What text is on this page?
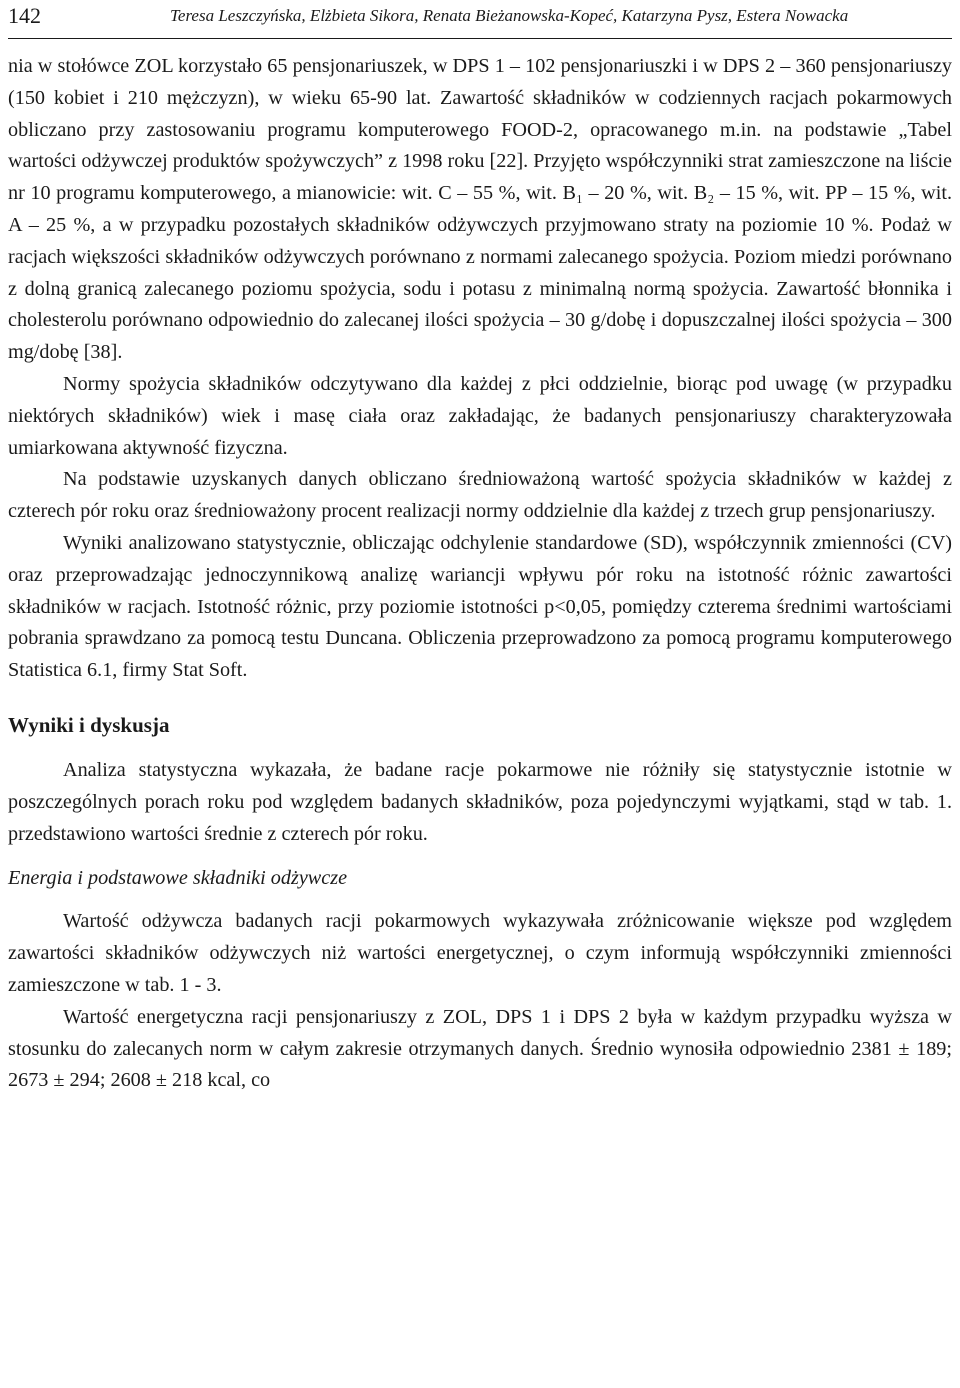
142	Teresa Leszczyńska, Elżbieta Sikora, Renata Bieżanowska-Kopeć, Katarzyna Pysz, Estera Nowacka

nia w stołówce ZOL korzystało 65 pensjonariuszek, w DPS 1 – 102 pensjonariuszki i w DPS 2 – 360 pensjonariuszy (150 kobiet i 210 mężczyzn), w wieku 65-90 lat. Zawartość składników w codziennych racjach pokarmowych obliczano przy zastosowaniu programu komputerowego FOOD-2, opracowanego m.in. na podstawie „Tabel wartości odżywczej produktów spożywczych” z 1998 roku [22]. Przyjęto współczynniki strat zamieszczone na liście nr 10 programu komputerowego, a mianowicie: wit. C – 55 %, wit. B₁ – 20 %, wit. B₂ – 15 %, wit. PP – 15 %, wit. A – 25 %, a w przypadku pozostałych składników odżywczych przyjmowano straty na poziomie 10 %. Podaż w racjach większości składników odżywczych porównano z normami zalecanego spożycia. Poziom miedzi porównano z dolną granicą zalecanego poziomu spożycia, sodu i potasu z minimalną normą spożycia. Zawartość błonnika i cholesterolu porównano odpowiednio do zalecanej ilości spożycia – 30 g/dobę i dopuszczalnej ilości spożycia – 300 mg/dobę [38].

Normy spożycia składników odczytywano dla każdej z płci oddzielnie, biorąc pod uwagę (w przypadku niektórych składników) wiek i masę ciała oraz zakładając, że badanych pensjonariuszy charakteryzowała umiarkowana aktywność fizyczna.

Na podstawie uzyskanych danych obliczano średnioważoną wartość spożycia składników w każdej z czterech pór roku oraz średnioważony procent realizacji normy oddzielnie dla każdej z trzech grup pensjonariuszy.

Wyniki analizowano statystycznie, obliczając odchylenie standardowe (SD), współczynnik zmienności (CV) oraz przeprowadzając jednoczynnikową analizę wariancji wpływu pór roku na istotność różnic zawartości składników w racjach. Istotność różnic, przy poziomie istotności p<0,05, pomiędzy czterema średnimi wartościami pobrania sprawdzano za pomocą testu Duncana. Obliczenia przeprowadzono za pomocą programu komputerowego Statistica 6.1, firmy Stat Soft.

Wyniki i dyskusja

Analiza statystyczna wykazała, że badane racje pokarmowe nie różniły się statystycznie istotnie w poszczególnych porach roku pod względem badanych składników, poza pojedynczymi wyjątkami, stąd w tab. 1. przedstawiono wartości średnie z czterech pór roku.

Energia i podstawowe składniki odżywcze

Wartość odżywcza badanych racji pokarmowych wykazywała zróżnicowanie większe pod względem zawartości składników odżywczych niż wartości energetycznej, o czym informują współczynniki zmienności zamieszczone w tab. 1 - 3.

Wartość energetyczna racji pensjonariuszy z ZOL, DPS 1 i DPS 2 była w każdym przypadku wyższa w stosunku do zalecanych norm w całym zakresie otrzymanych danych. Średnio wynosiła odpowiednio 2381 ± 189; 2673 ± 294; 2608 ± 218 kcal, co
